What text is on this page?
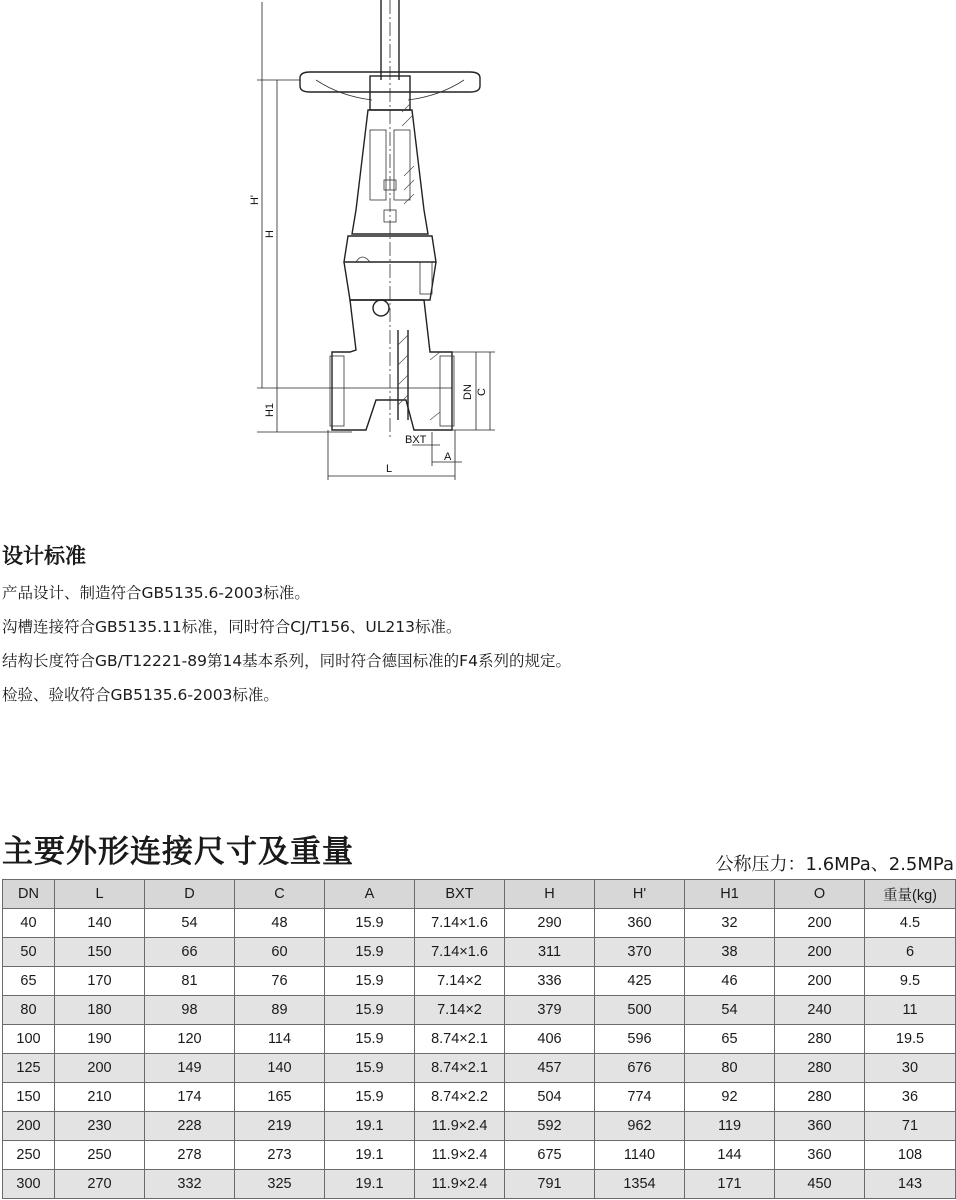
H'
H
H1
DN C
BXT
A
L
设计标准
产品设计、制造符合GB5135.6-2003标准。
沟槽连接符合GB5135.11标准，同时符合CJ/T156、UL213标准。
结构长度符合GB/T12221-89第14基本系列，同时符合德国标准的F4系列的规定。
检验、验收符合GB5135.6-2003标准。
主要外形连接尺寸及重量	公称压力：1.6MPa、2.5MPa
DN	L	D	C	A	BXT	H	H'	H1	O	重量(kg)
40	140	54	48	15.9	7.14×1.6	290	360	32	200	4.5
50	150	66	60	15.9	7.14×1.6	311	370	38	200	6
65	170	81	76	15.9	7.14×2	336	425	46	200	9.5
80	180	98	89	15.9	7.14×2	379	500	54	240	11
100	190	120	114	15.9	8.74×2.1	406	596	65	280	19.5
125	200	149	140	15.9	8.74×2.1	457	676	80	280	30
150	210	174	165	15.9	8.74×2.2	504	774	92	280	36
200	230	228	219	19.1	11.9×2.4	592	962	119	360	71
250	250	278	273	19.1	11.9×2.4	675	1140	144	360	108
300	270	332	325	19.1	11.9×2.4	791	1354	171	450	143
